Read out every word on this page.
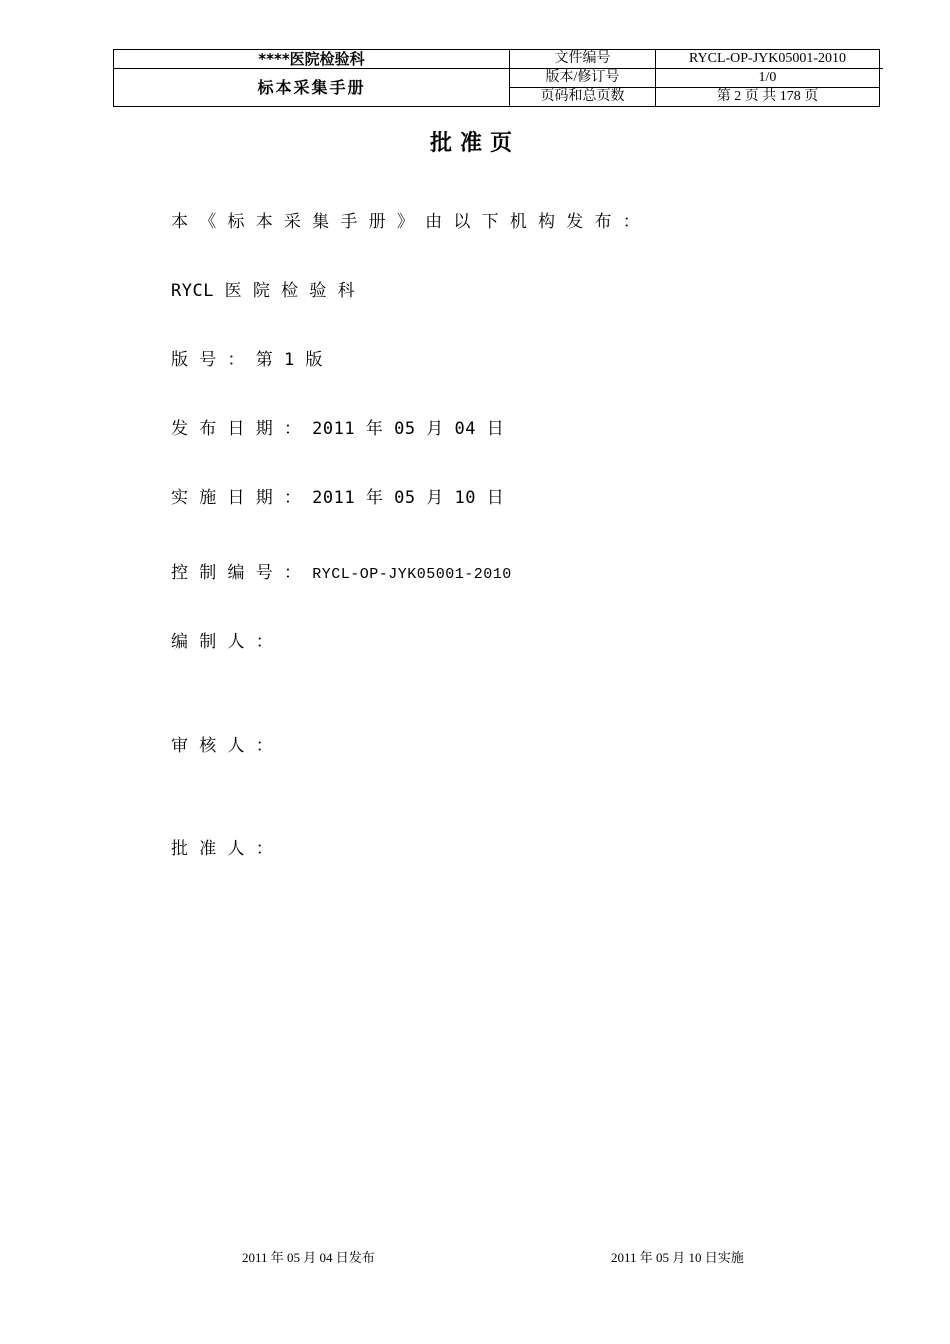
****医院检验科	文件编号	RYCL-OP-JYK05001-2010
标本采集手册	版本/修订号	1/0
	页码和总页数	第 2 页 共 178 页
批准页
本 《 标 本 采 集 手 册 》 由 以 下 机 构 发 布 ：
RYCL 医 院 检 验 科
版 号 ： 第 1 版
发 布 日 期 ： 2011 年 05 月 04 日
实 施 日 期 ： 2011 年 05 月 10 日
控 制 编 号 ： RYCL-OP-JYK05001-2010
编 制 人 ：
审 核 人 ：
批 准 人 ：
2011 年 05 月 04 日发布	2011 年 05 月 10 日实施
